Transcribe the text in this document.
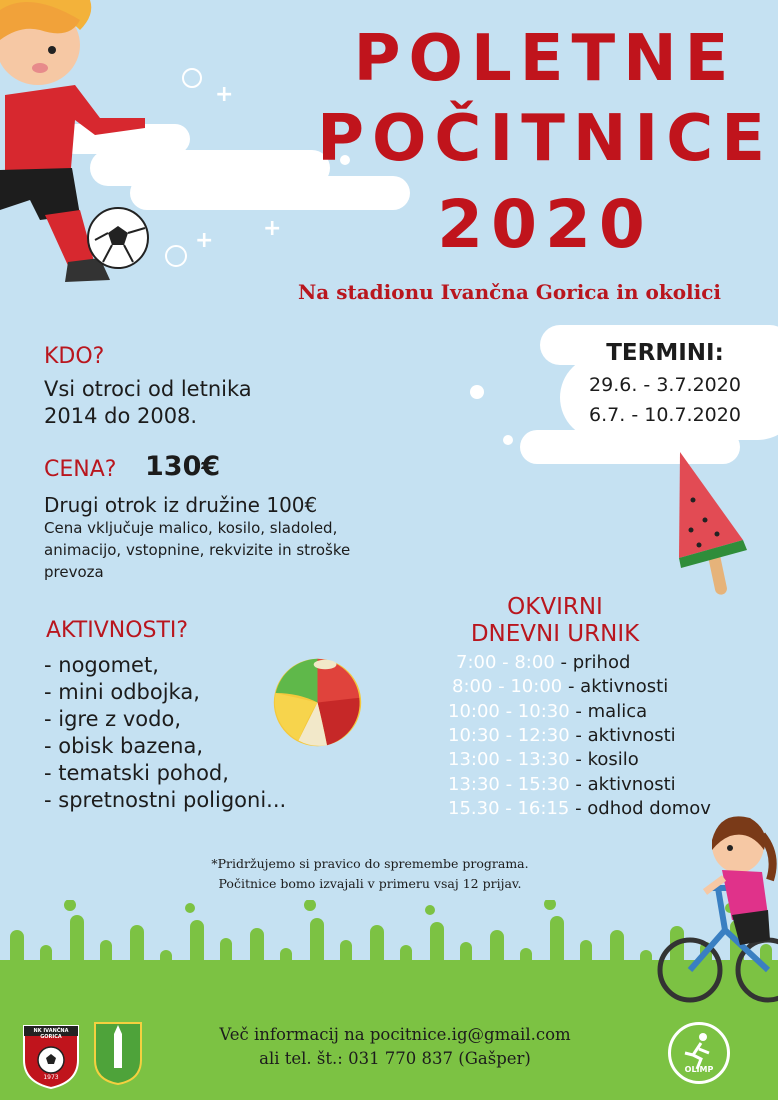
+
+
+
POLETNE
POČITNICE
2020
Na stadionu Ivančna Gorica in okolici
KDO?
Vsi otroci od letnika
2014 do 2008.
TERMINI:
29.6. - 3.7.2020
6.7. - 10.7.2020
CENA? 130€
Drugi otrok iz družine 100€
Cena vključuje malico, kosilo, sladoled,
animacijo, vstopnine, rekvizite in stroške
prevoza
AKTIVNOSTI?
- nogomet,
- mini odbojka,
- igre z vodo,
- obisk bazena,
- tematski pohod,
- spretnostni poligoni...
OKVIRNI
DNEVNI URNIK
7:00 - 8:00 - prihod
8:00 - 10:00 - aktivnosti
10:00 - 10:30 - malica
10:30 - 12:30 - aktivnosti
13:00 - 13:30 - kosilo
13:30 - 15:30 - aktivnosti
15.30 - 16:15 - odhod domov
*Pridržujemo si pravico do spremembe programa.
Počitnice bomo izvajali v primeru vsaj 12 prijav.
NK IVANČNA GORICA
1973
Več informacij na pocitnice.ig@gmail.com
ali tel. št.: 031 770 837 (Gašper)
OLIMP
